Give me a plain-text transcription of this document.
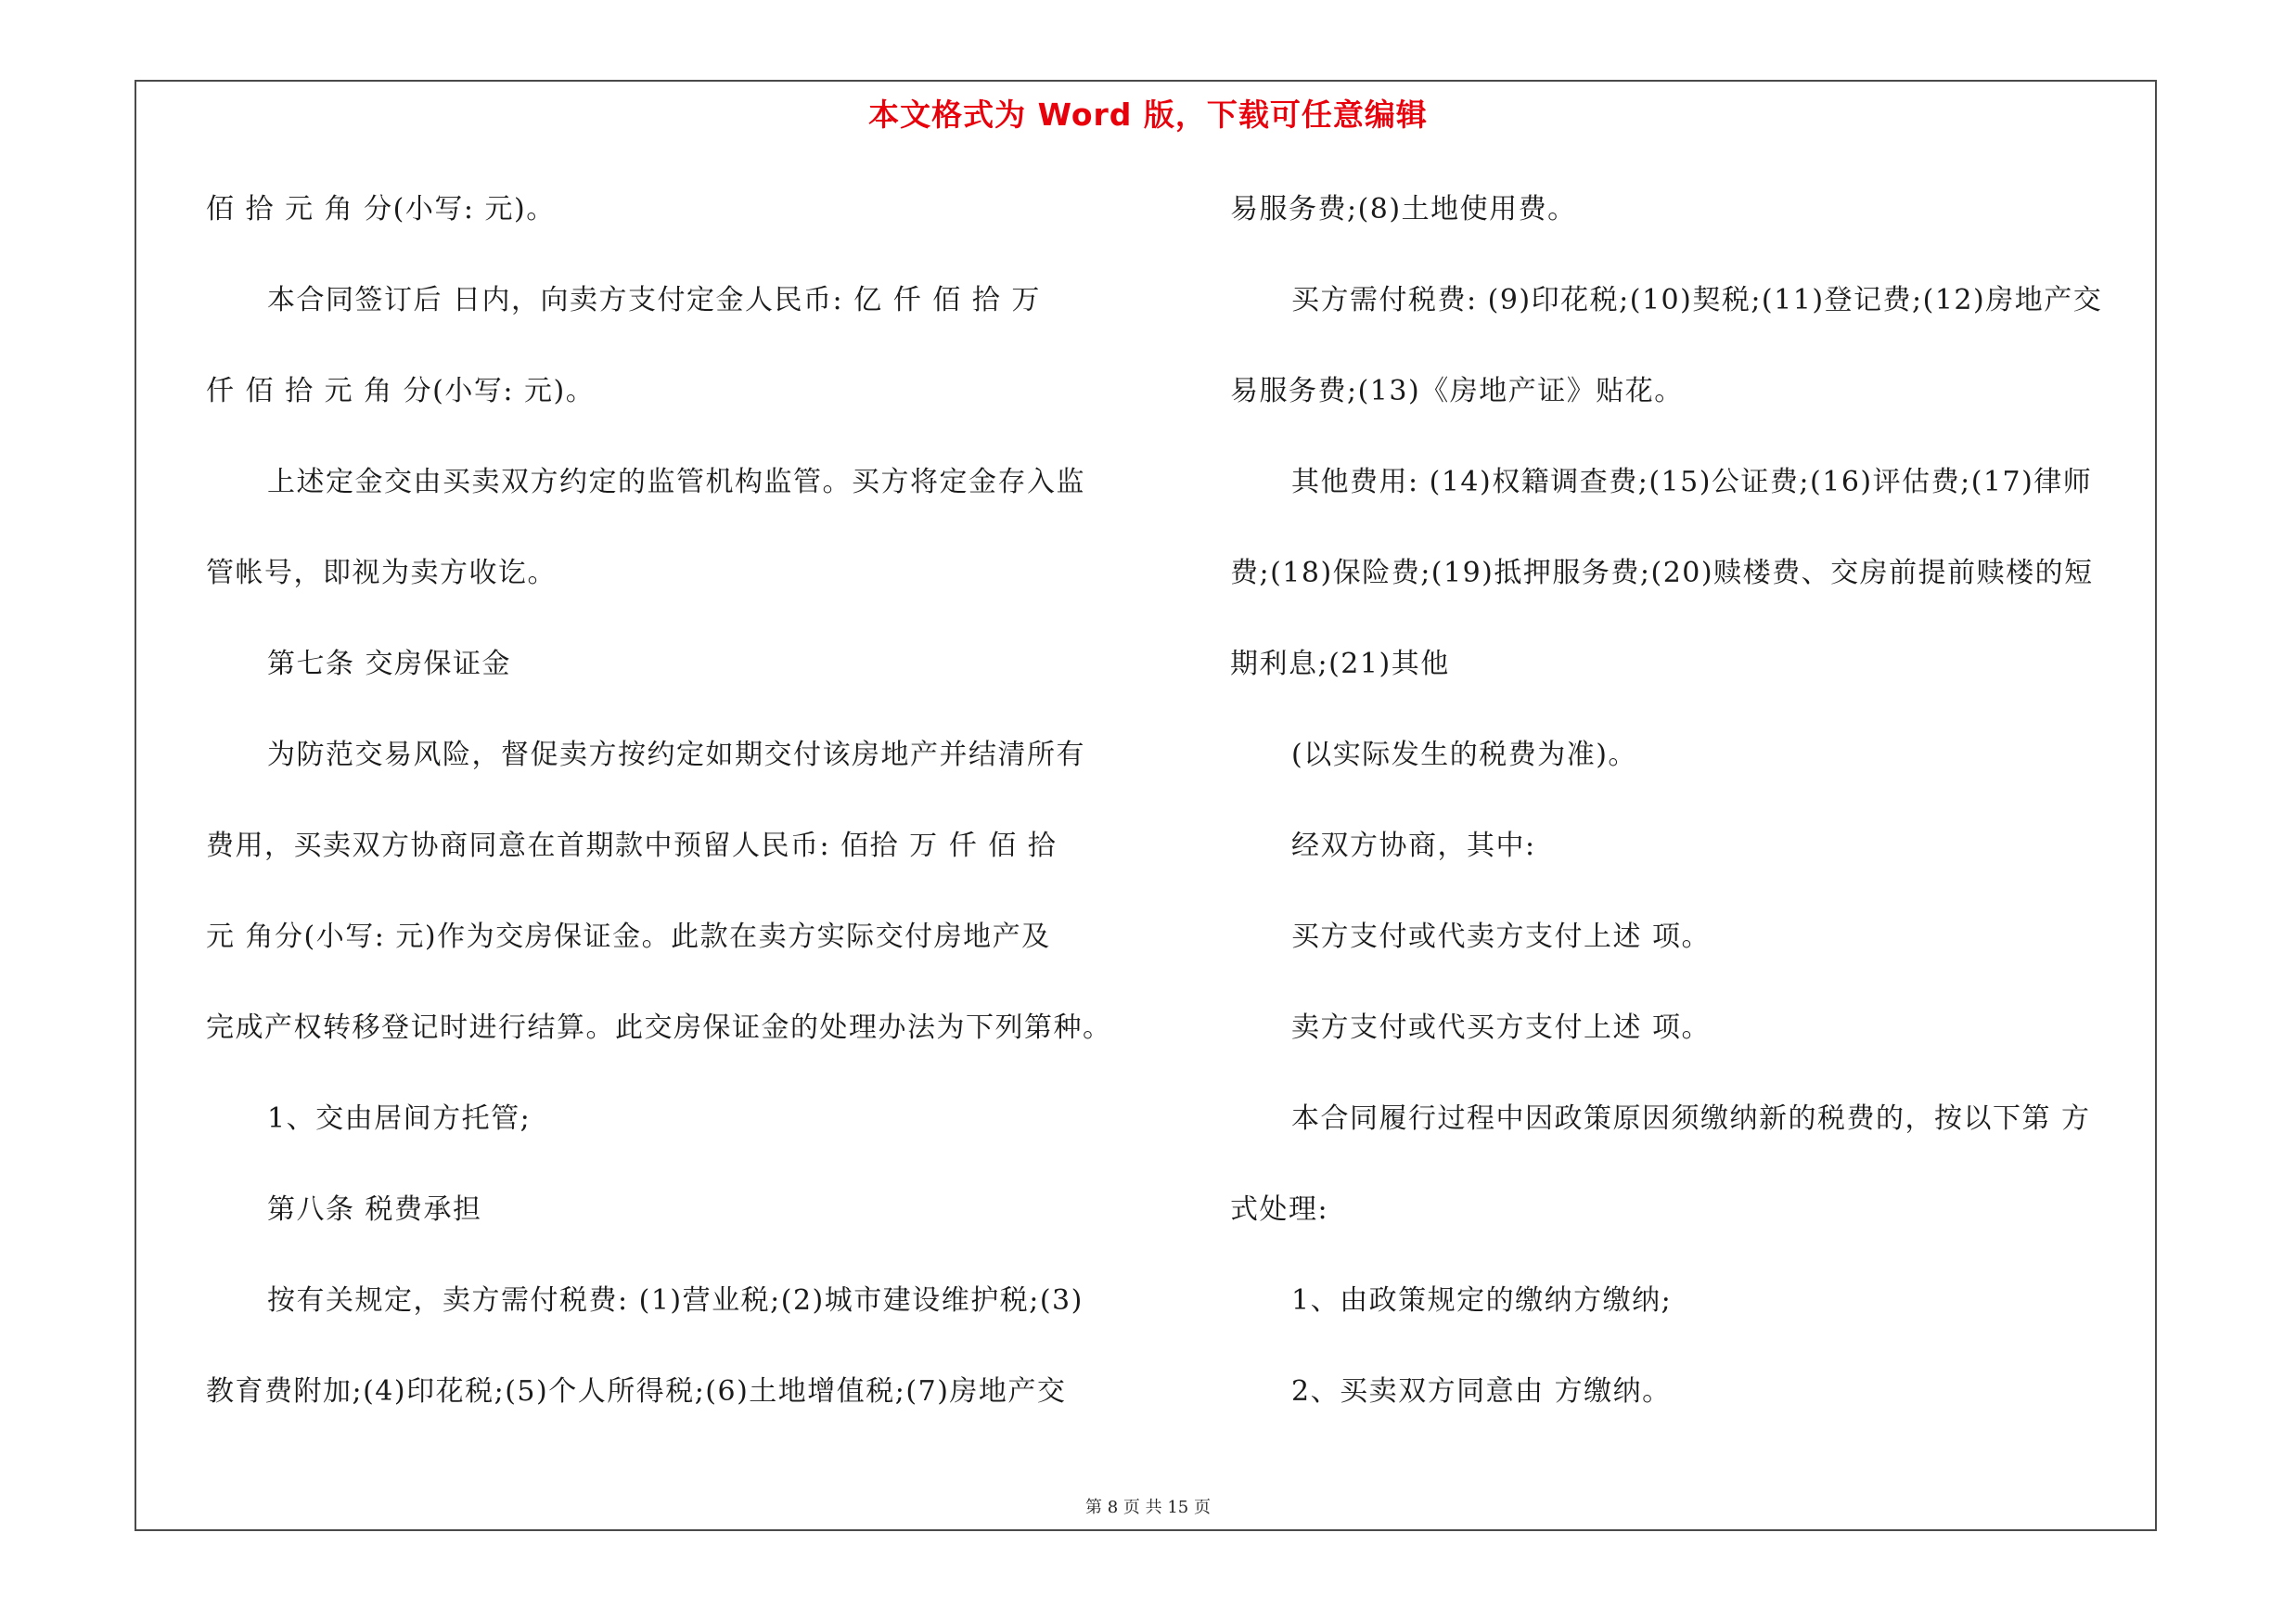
本文格式为 Word 版，下载可任意编辑
佰 拾 元 角 分(小写: 元)。
本合同签订后 日内，向卖方支付定金人民币: 亿 仟 佰 拾 万
仟 佰 拾 元 角 分(小写: 元)。
上述定金交由买卖双方约定的监管机构监管。买方将定金存入监
管帐号，即视为卖方收讫。
第七条 交房保证金
为防范交易风险，督促卖方按约定如期交付该房地产并结清所有
费用，买卖双方协商同意在首期款中预留人民币: 佰拾 万 仟 佰 拾
元 角分(小写: 元)作为交房保证金。此款在卖方实际交付房地产及
完成产权转移登记时进行结算。此交房保证金的处理办法为下列第种。
1、交由居间方托管;
第八条 税费承担
按有关规定，卖方需付税费: (1)营业税;(2)城市建设维护税;(3)
教育费附加;(4)印花税;(5)个人所得税;(6)土地增值税;(7)房地产交
易服务费;(8)土地使用费。
买方需付税费: (9)印花税;(10)契税;(11)登记费;(12)房地产交
易服务费;(13)《房地产证》贴花。
其他费用: (14)权籍调查费;(15)公证费;(16)评估费;(17)律师
费;(18)保险费;(19)抵押服务费;(20)赎楼费、交房前提前赎楼的短
期利息;(21)其他
(以实际发生的税费为准)。
经双方协商，其中:
买方支付或代卖方支付上述 项。
卖方支付或代买方支付上述 项。
本合同履行过程中因政策原因须缴纳新的税费的，按以下第 方
式处理:
1、由政策规定的缴纳方缴纳;
2、买卖双方同意由 方缴纳。
第 8 页 共 15 页
